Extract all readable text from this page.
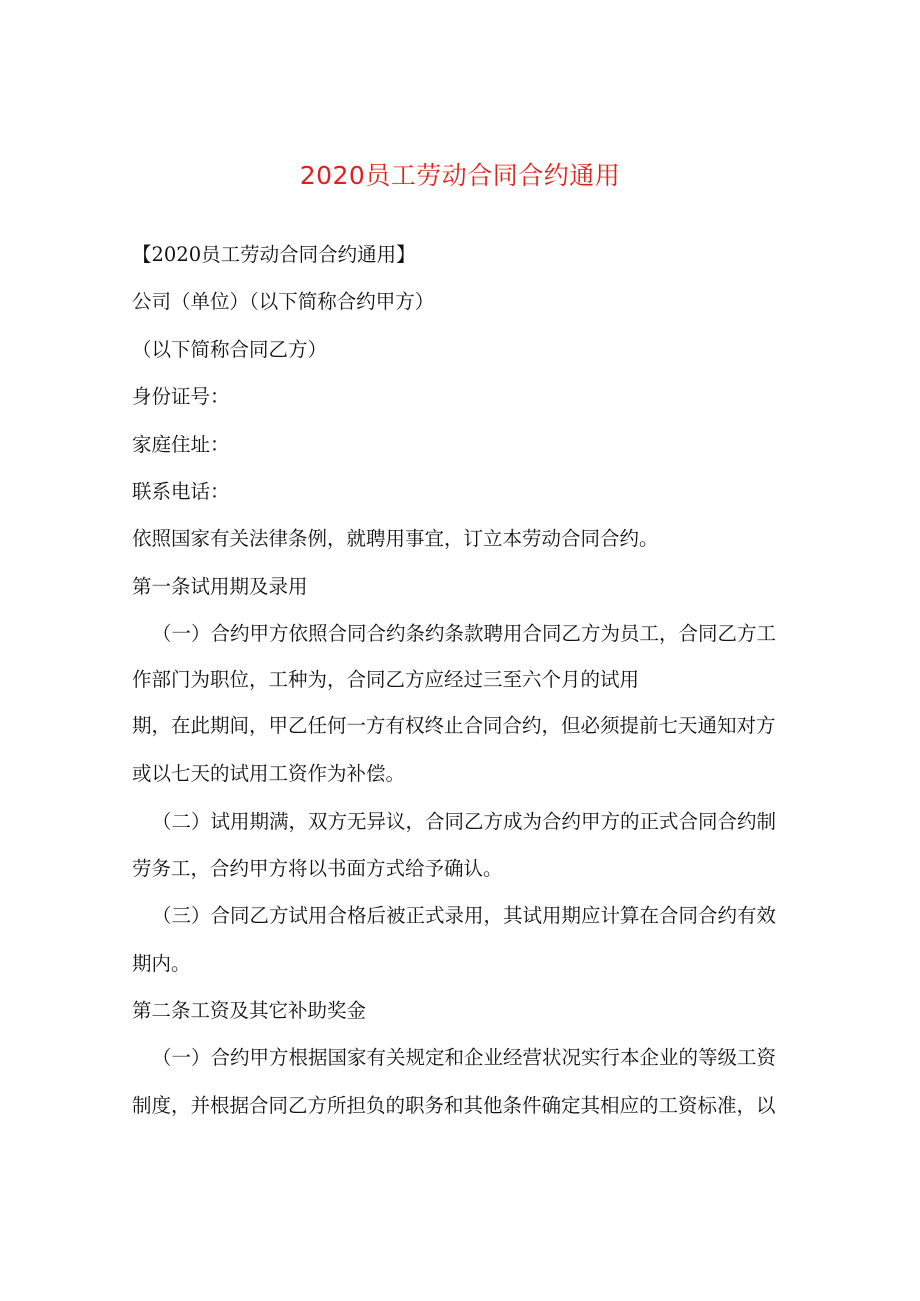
2020员工劳动合同合约通用
【2020员工劳动合同合约通用】
公司（单位）（以下简称合约甲方）
（以下简称合同乙方）
身份证号：
家庭住址：
联系电话：
依照国家有关法律条例，就聘用事宜，订立本劳动合同合约。
第一条试用期及录用
（一）合约甲方依照合同合约条约条款聘用合同乙方为员工，合同乙方工
作部门为职位，工种为，合同乙方应经过三至六个月的试用
期，在此期间，甲乙任何一方有权终止合同合约，但必须提前七天通知对方
或以七天的试用工资作为补偿。
（二）试用期满，双方无异议，合同乙方成为合约甲方的正式合同合约制
劳务工，合约甲方将以书面方式给予确认。
（三）合同乙方试用合格后被正式录用，其试用期应计算在合同合约有效
期内。
第二条工资及其它补助奖金
（一）合约甲方根据国家有关规定和企业经营状况实行本企业的等级工资
制度，并根据合同乙方所担负的职务和其他条件确定其相应的工资标准，以
